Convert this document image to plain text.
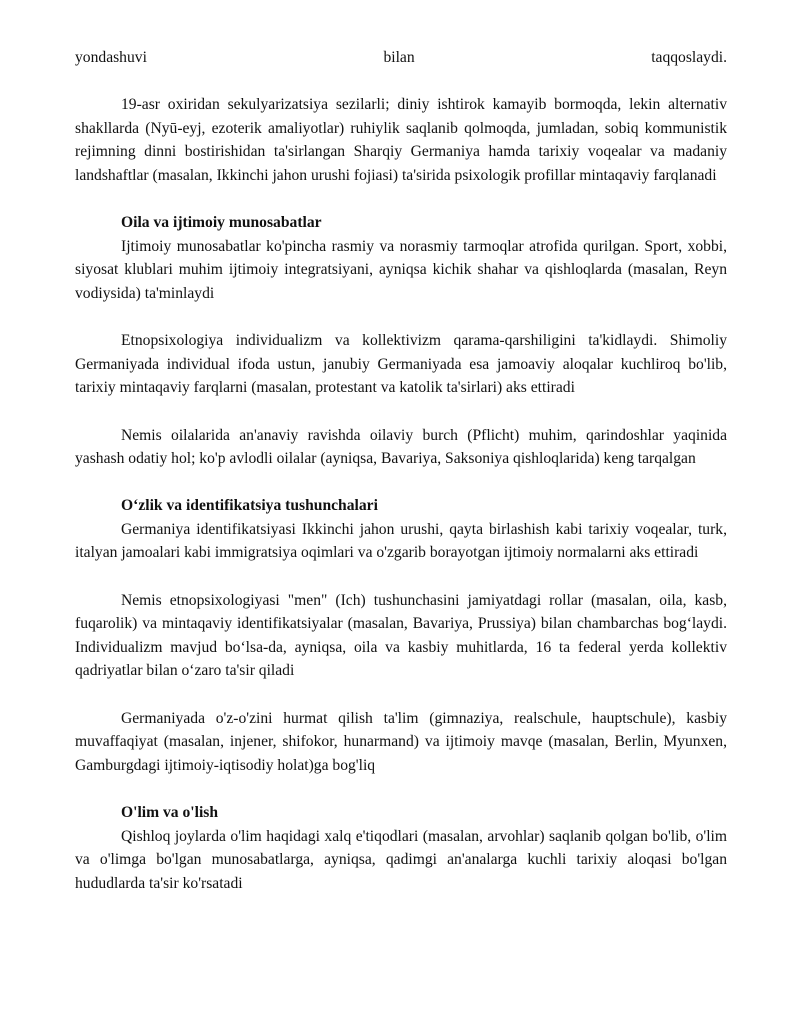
yondashuvi	bilan	taqqoslaydi.

19-asr oxiridan sekulyarizatsiya sezilarli; diniy ishtirok kamayib bormoqda, lekin alternativ shakllarda (Nyū-eyj, ezoterik amaliyotlar) ruhiylik saqlanib qolmoqda, jumladan, sobiq kommunistik rejimning dinni bostirishidan ta'sirlangan Sharqiy Germaniya hamda tarixiy voqealar va madaniy landshaftlar (masalan, Ikkinchi jahon urushi fojiasi) ta'sirida psixologik profillar mintaqaviy farqlanadi

Oila va ijtimoiy munosabatlar

Ijtimoiy munosabatlar ko'pincha rasmiy va norasmiy tarmoqlar atrofida qurilgan. Sport, xobbi, siyosat klublari muhim ijtimoiy integratsiyani, ayniqsa kichik shahar va qishloqlarda (masalan, Reyn vodiysida) ta'minlaydi

Etnopsixologiya individualizm va kollektivizm qarama-qarshiligini ta'kidlaydi. Shimoliy Germaniyada individual ifoda ustun, janubiy Germaniyada esa jamoaviy aloqalar kuchliroq bo'lib, tarixiy mintaqaviy farqlarni (masalan, protestant va katolik ta'sirlari) aks ettiradi

Nemis oilalarida an'anaviy ravishda oilaviy burch (Pflicht) muhim, qarindoshlar yaqinida yashash odatiy hol; ko'p avlodli oilalar (ayniqsa, Bavariya, Saksoniya qishloqlarida) keng tarqalgan

O‘zlik va identifikatsiya tushunchalari

Germaniya identifikatsiyasi Ikkinchi jahon urushi, qayta birlashish kabi tarixiy voqealar, turk, italyan jamoalari kabi immigratsiya oqimlari va o'zgarib borayotgan ijtimoiy normalarni aks ettiradi

Nemis etnopsixologiyasi "men" (Ich) tushunchasini jamiyatdagi rollar (masalan, oila, kasb, fuqarolik) va mintaqaviy identifikatsiyalar (masalan, Bavariya, Prussiya) bilan chambarchas bog‘laydi. Individualizm mavjud bo‘lsa-da, ayniqsa, oila va kasbiy muhitlarda, 16 ta federal yerda kollektiv qadriyatlar bilan o‘zaro ta'sir qiladi

Germaniyada o'z-o'zini hurmat qilish ta'lim (gimnaziya, realschule, hauptschule), kasbiy muvaffaqiyat (masalan, injener, shifokor, hunarmand) va ijtimoiy mavqe (masalan, Berlin, Myunxen, Gamburgdagi ijtimoiy-iqtisodiy holat)ga bog'liq

O'lim va o'lish

Qishloq joylarda o'lim haqidagi xalq e'tiqodlari (masalan, arvohlar) saqlanib qolgan bo'lib, o'lim va o'limga bo'lgan munosabatlarga, ayniqsa, qadimgi an'analarga kuchli tarixiy aloqasi bo'lgan hududlarda ta'sir ko'rsatadi
